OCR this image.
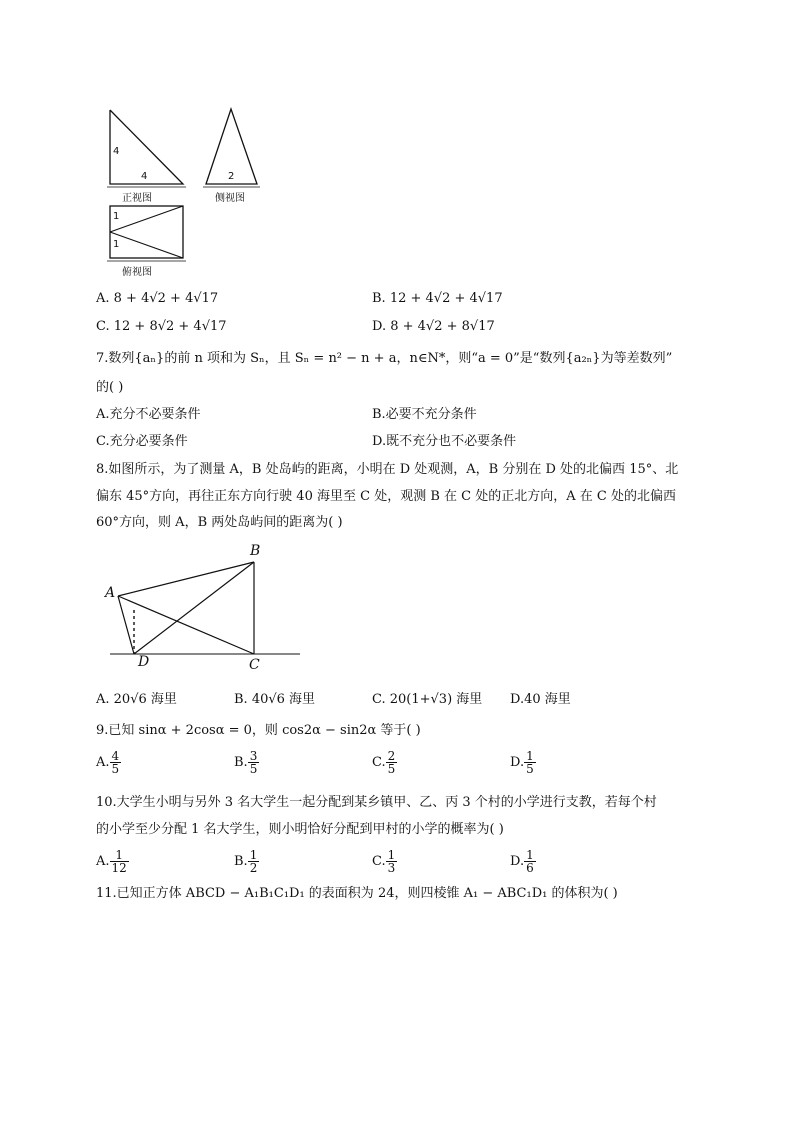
4
4
正视图
2
侧视图
1
1
俯视图
A. 8 + 4√2 + 4√17	B. 12 + 4√2 + 4√17
C. 12 + 8√2 + 4√17	D. 8 + 4√2 + 8√17
7.数列{aₙ}的前 n 项和为 Sₙ，且 Sₙ = n² − n + a，n∈N*，则“a = 0”是“数列{a₂ₙ}为等差数列”
的( )
A.充分不必要条件	B.必要不充分条件
C.充分必要条件	D.既不充分也不必要条件
8.如图所示，为了测量 A，B 处岛屿的距离，小明在 D 处观测，A，B 分别在 D 处的北偏西 15°、北
偏东 45°方向，再往正东方向行驶 40 海里至 C 处，观测 B 在 C 处的正北方向，A 在 C 处的北偏西
60°方向，则 A，B 两处岛屿间的距离为( )
A
B
C
D
A. 20√6 海里	B. 40√6 海里	C. 20(1+√3) 海里 D.40 海里
9.已知 sinα + 2cosα = 0，则 cos2α − sin2α 等于( )
A. $\frac{4}{5}$	B. $\frac{3}{5}$	C. $\frac{2}{5}$	D. $\frac{1}{5}$
10.大学生小明与另外 3 名大学生一起分配到某乡镇甲、乙、丙 3 个村的小学进行支教，若每个村
的小学至少分配 1 名大学生，则小明恰好分配到甲村的小学的概率为( )
A. $\frac{1}{12}$	B. $\frac{1}{2}$	C. $\frac{1}{3}$	D. $\frac{1}{6}$
11.已知正方体 ABCD − A₁B₁C₁D₁ 的表面积为 24，则四棱锥 A₁ − ABC₁D₁ 的体积为( )
